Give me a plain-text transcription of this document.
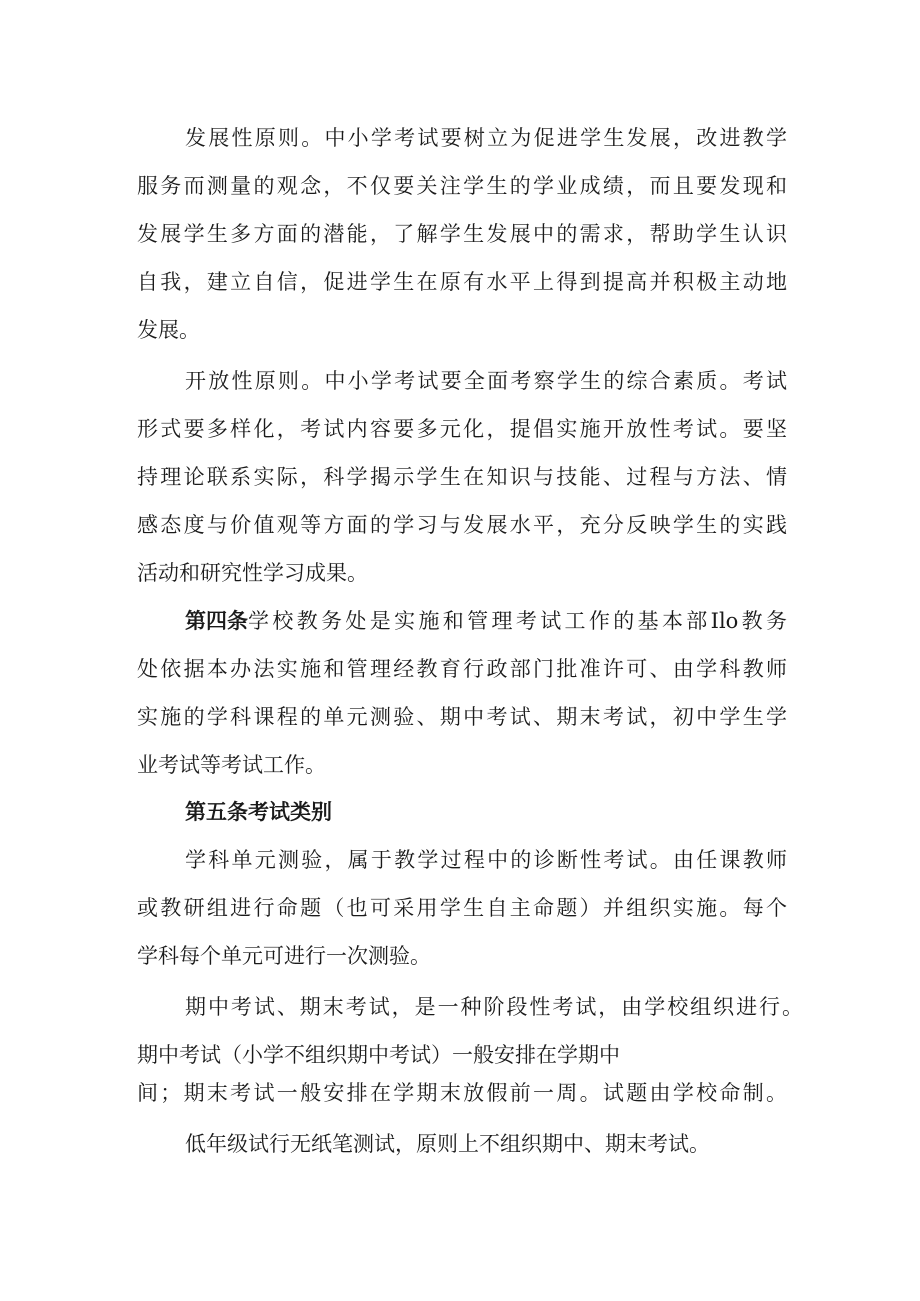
发展性原则。中小学考试要树立为促进学生发展，改进教学
服务而测量的观念，不仅要关注学生的学业成绩，而且要发现和
发展学生多方面的潜能，了解学生发展中的需求，帮助学生认识
自我，建立自信，促进学生在原有水平上得到提高并积极主动地
发展。
开放性原则。中小学考试要全面考察学生的综合素质。考试
形式要多样化，考试内容要多元化，提倡实施开放性考试。要坚
持理论联系实际，科学揭示学生在知识与技能、过程与方法、情
感态度与价值观等方面的学习与发展水平，充分反映学生的实践
活动和研究性学习成果。
第四条 学校教务处是实施和管理考试工作的基本部Ilo教务
处依据本办法实施和管理经教育行政部门批准许可、由学科教师
实施的学科课程的单元测验、期中考试、期末考试，初中学生学
业考试等考试工作。
第五条考试类别
学科单元测验，属于教学过程中的诊断性考试。由任课教师
或教研组进行命题（也可采用学生自主命题）并组织实施。每个
学科每个单元可进行一次测验。
期中考试、期末考试，是一种阶段性考试，由学校组织进行。
期中考试（小学不组织期中考试）一般安排在学期中
间；期末考试一般安排在学期末放假前一周。试题由学校命制。
低年级试行无纸笔测试，原则上不组织期中、期末考试。
